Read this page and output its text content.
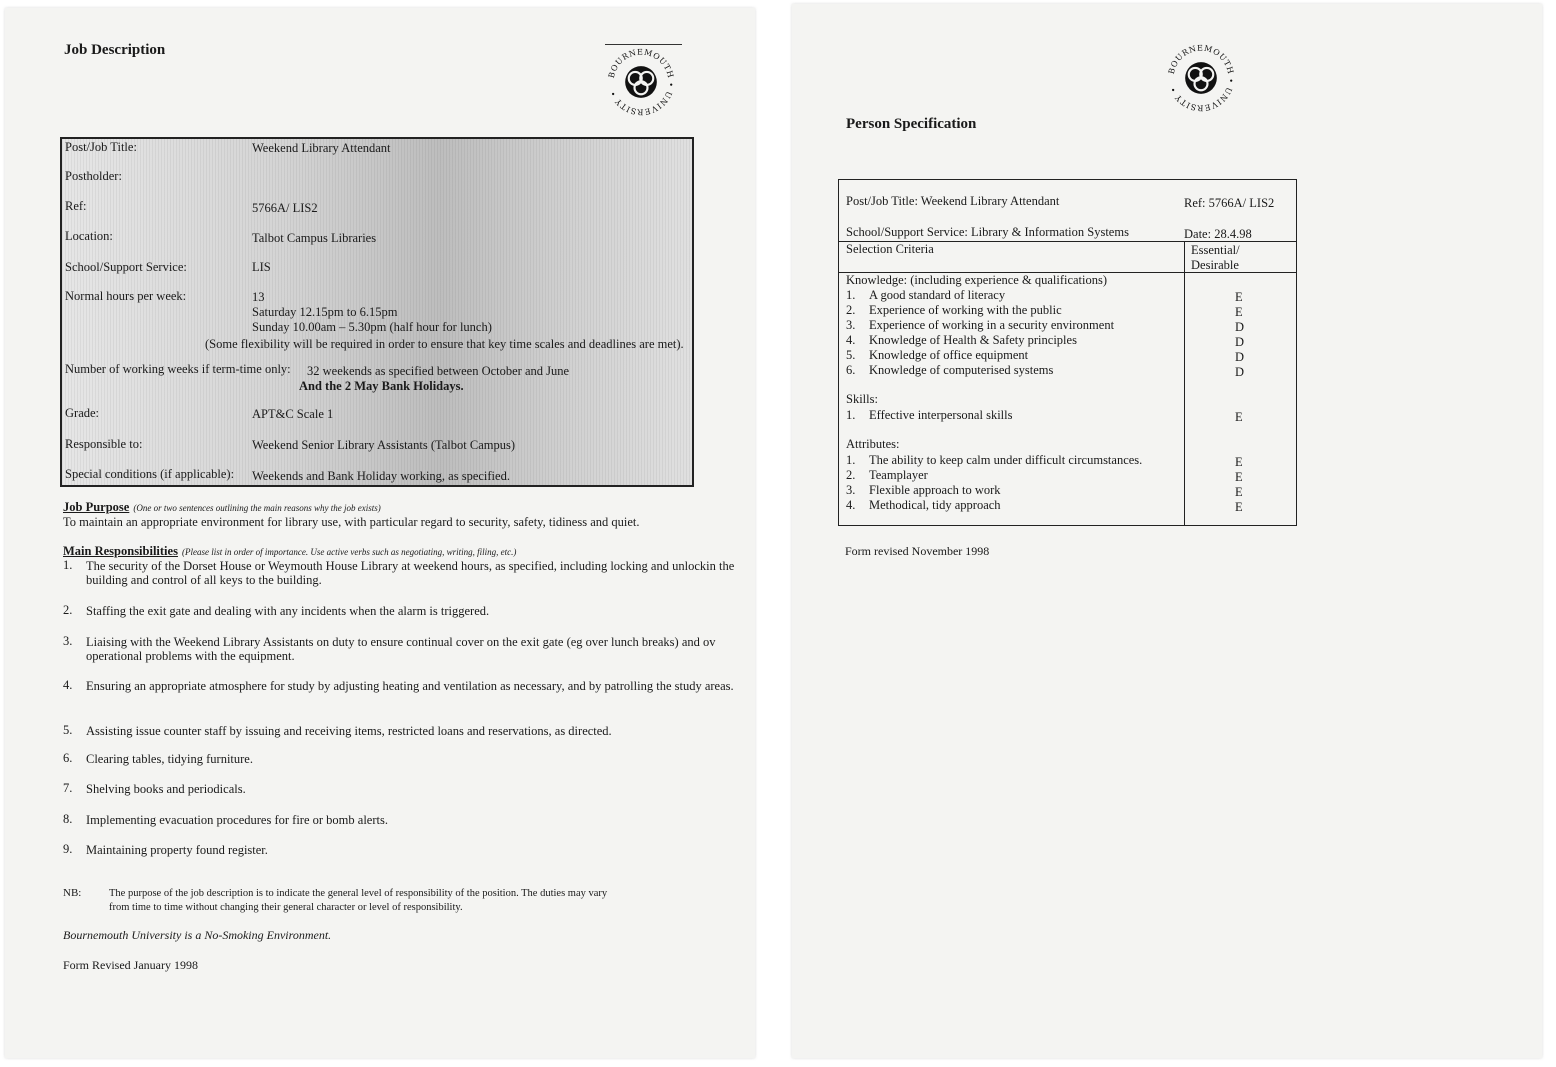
Job Description
BOURNEMOUTH • UNIVERSITY •
Post/Job Title:	Weekend Library Attendant
Postholder:
Ref:	5766A/ LIS2
Location:	Talbot Campus Libraries
School/Support Service:	LIS
Normal hours per week:	13
Saturday 12.15pm to 6.15pm
Sunday 10.00am – 5.30pm (half hour for lunch)
(Some flexibility will be required in order to ensure that key time scales and deadlines are met).
Number of working weeks if term-time only: 32 weekends as specified between October and June
And the 2 May Bank Holidays.
Grade:	APT&C Scale 1
Responsible to:	Weekend Senior Library Assistants (Talbot Campus)
Special conditions (if applicable): Weekends and Bank Holiday working, as specified.
Job Purpose (One or two sentences outlining the main reasons why the job exists)
To maintain an appropriate environment for library use, with particular regard to security, safety, tidiness and quiet.
Main Responsibilities (Please list in order of importance. Use active verbs such as negotiating, writing, filing, etc.)
1. The security of the Dorset House or Weymouth House Library at weekend hours, as specified, including locking and unlockin the building and control of all keys to the building.
2. Staffing the exit gate and dealing with any incidents when the alarm is triggered.
3. Liaising with the Weekend Library Assistants on duty to ensure continual cover on the exit gate (eg over lunch breaks) and ov operational problems with the equipment.
4. Ensuring an appropriate atmosphere for study by adjusting heating and ventilation as necessary, and by patrolling the study areas.
5. Assisting issue counter staff by issuing and receiving items, restricted loans and reservations, as directed.
6. Clearing tables, tidying furniture.
7. Shelving books and periodicals.
8. Implementing evacuation procedures for fire or bomb alerts.
9. Maintaining property found register.
NB:	The purpose of the job description is to indicate the general level of responsibility of the position. The duties may vary
from time to time without changing their general character or level of responsibility.
Bournemouth University is a No-Smoking Environment.
Form Revised January 1998
BOURNEMOUTH • UNIVERSITY •
Person Specification
Post/Job Title: Weekend Library Attendant	Ref: 5766A/ LIS2
School/Support Service: Library & Information Systems	Date: 28.4.98
Selection Criteria	Essential/
Desirable
Knowledge: (including experience & qualifications)
1. A good standard of literacy	E
2. Experience of working with the public	E
3. Experience of working in a security environment	D
4. Knowledge of Health & Safety principles	D
5. Knowledge of office equipment	D
6. Knowledge of computerised systems	D
Skills:
1. Effective interpersonal skills	E
Attributes:
1. The ability to keep calm under difficult circumstances.	E
2. Teamplayer	E
3. Flexible approach to work	E
4. Methodical, tidy approach	E
Form revised November 1998
